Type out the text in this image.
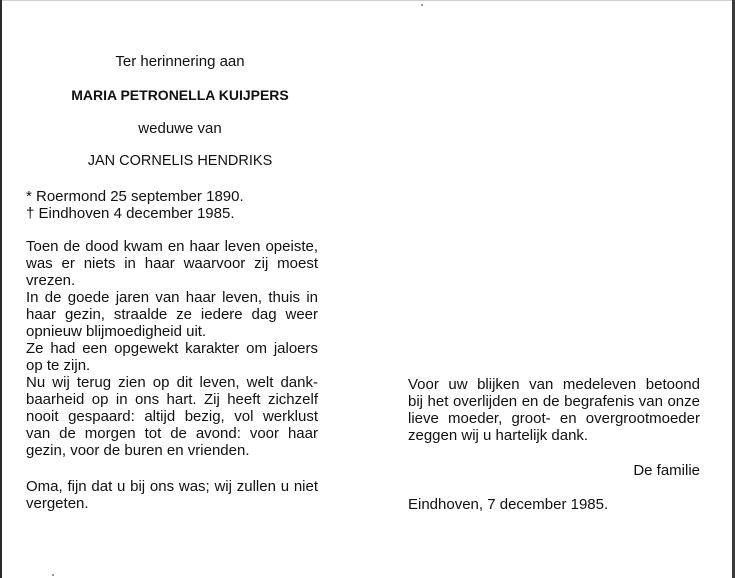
Ter herinnering aan
MARIA PETRONELLA KUIJPERS
weduwe van
JAN CORNELIS HENDRIKS
* Roermond 25 september 1890.
† Eindhoven 4 december 1985.
Toen de dood kwam en haar leven opeiste,
was er niets in haar waarvoor zij moest
vrezen.
In de goede jaren van haar leven, thuis in
haar gezin, straalde ze iedere dag weer
opnieuw blijmoedigheid uit.
Ze had een opgewekt karakter om jaloers
op te zijn.
Nu wij terug zien op dit leven, welt dank-
baarheid op in ons hart. Zij heeft zichzelf
nooit gespaard: altijd bezig, vol werklust
van de morgen tot de avond: voor haar
gezin, voor de buren en vrienden.
Oma, fijn dat u bij ons was; wij zullen u niet
vergeten.
Voor uw blijken van medeleven betoond
bij het overlijden en de begrafenis van onze
lieve moeder, groot- en overgrootmoeder
zeggen wij u hartelijk dank.
De familie
Eindhoven, 7 december 1985.
